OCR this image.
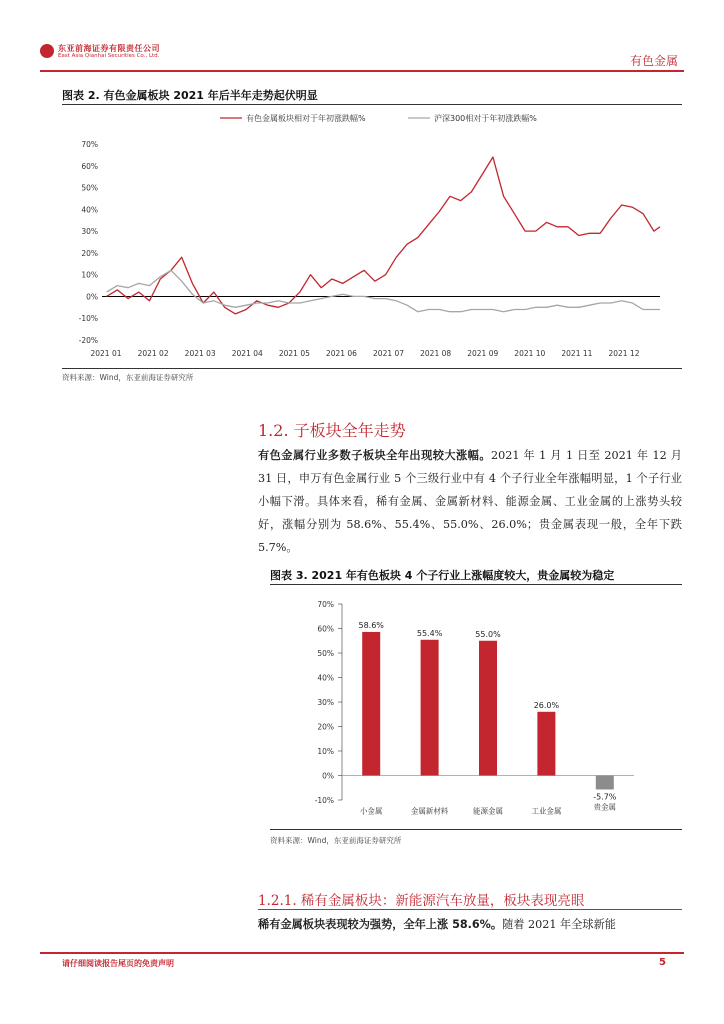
东亚前海证券有限责任公司
East Asia Qianhai Securities Co., Ltd.	有色金属
图表 2. 有色金属板块 2021 年后半年走势起伏明显
有色金属板块相对于年初涨跌幅%	沪深300相对于年初涨跌幅%
70%
60%
50%
40%
30%
20%
10%
0%
-10%
-20%
2021 01 2021 02 2021 03 2021 04 2021 05 2021 06 2021 07 2021 08 2021 09 2021 10 2021 11 2021 12
资料来源：Wind，东亚前海证券研究所
1.2. 子板块全年走势
有色金属行业多数子板块全年出现较大涨幅。2021 年 1 月 1 日至 2021 年 12 月 31 日，申万有色金属行业 5 个三级行业中有 4 个子行业全年涨幅明显，1 个子行业小幅下滑。具体来看，稀有金属、金属新材料、能源金属、工业金属的上涨势头较好，涨幅分别为 58.6%、55.4%、55.0%、26.0%；贵金属表现一般，全年下跌 5.7%。
图表 3. 2021 年有色板块 4 个子行业上涨幅度较大，贵金属较为稳定
70%
60%
50%
40%
30%
20%
10%
0%
-10%
58.6%
小金属
55.4%
金属新材料
55.0%
能源金属
26.0%
工业金属
-5.7%
贵金属
资料来源：Wind，东亚前海证券研究所
1.2.1. 稀有金属板块：新能源汽车放量，板块表现亮眼
稀有金属板块表现较为强势，全年上涨 58.6%。随着 2021 年全球新能
请仔细阅读报告尾页的免责声明	5
